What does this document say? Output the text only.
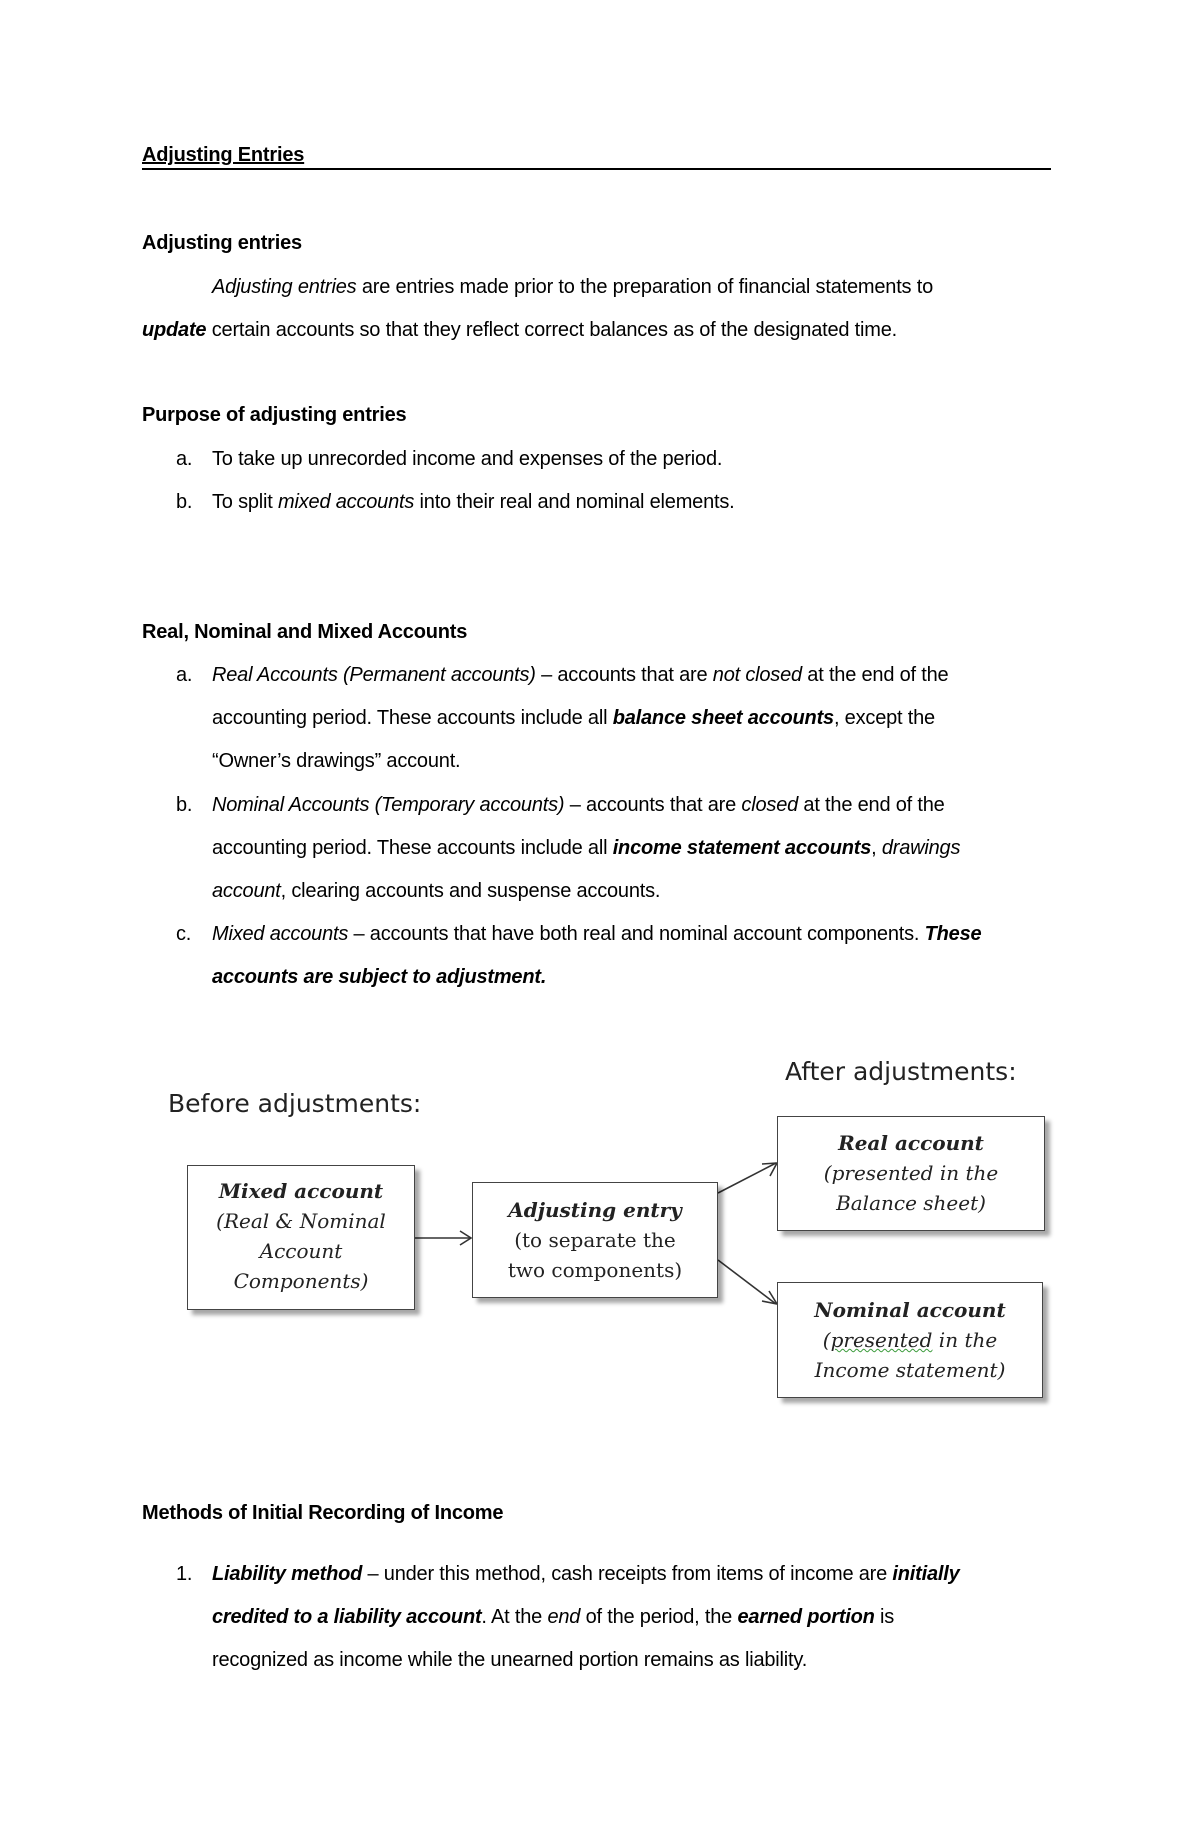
Adjusting Entries
Adjusting entries
Adjusting entries are entries made prior to the preparation of financial statements to
update certain accounts so that they reflect correct balances as of the designated time.
Purpose of adjusting entries
a. To take up unrecorded income and expenses of the period.
b. To split mixed accounts into their real and nominal elements.
Real, Nominal and Mixed Accounts
a. Real Accounts (Permanent accounts) – accounts that are not closed at the end of the
accounting period. These accounts include all balance sheet accounts, except the
“Owner’s drawings” account.
b. Nominal Accounts (Temporary accounts) – accounts that are closed at the end of the
accounting period. These accounts include all income statement accounts, drawings
account, clearing accounts and suspense accounts.
c. Mixed accounts – accounts that have both real and nominal account components. These
accounts are subject to adjustment.
After adjustments:
Before adjustments:
Mixed account
(Real & Nominal
Account
Components)
Adjusting entry
(to separate the
two components)
Real account
(presented in the
Balance sheet)
Nominal account
(presented in the
Income statement)
Methods of Initial Recording of Income
1. Liability method – under this method, cash receipts from items of income are initially
credited to a liability account. At the end of the period, the earned portion is
recognized as income while the unearned portion remains as liability.
